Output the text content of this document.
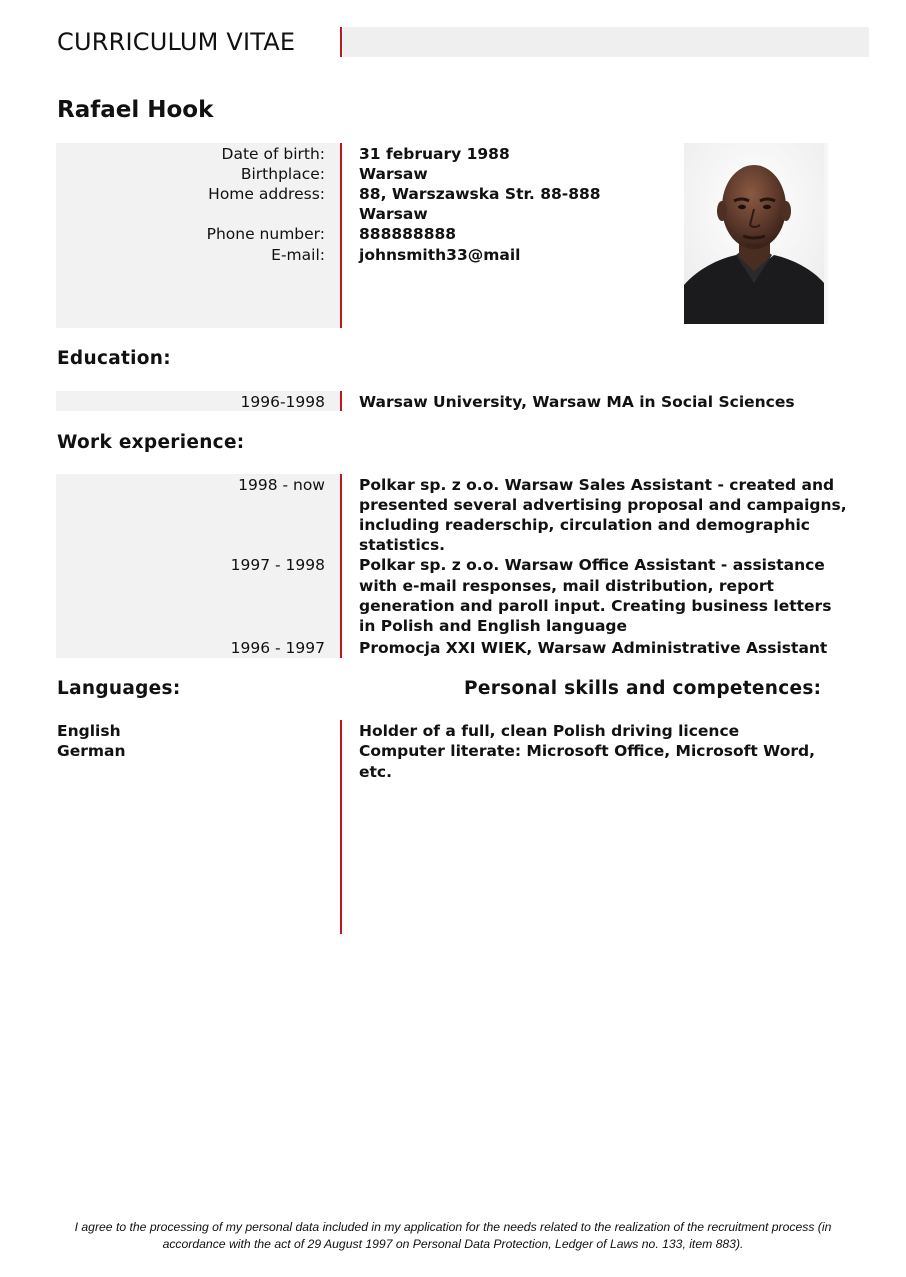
CURRICULUM VITAE
Rafael Hook
Date of birth:
Birthplace:
Home address:
Phone number:
E-mail:
31 february 1988
Warsaw
88, Warszawska Str. 88-888
Warsaw
888888888
johnsmith33@mail
Education:
1996-1998 Warsaw University, Warsaw MA in Social Sciences
Work experience:
1998 - now Polkar sp. z o.o. Warsaw Sales Assistant - created and
presented several advertising proposal and campaigns,
including readerschip, circulation and demographic
statistics.
1997 - 1998 Polkar sp. z o.o. Warsaw Office Assistant - assistance
with e-mail responses, mail distribution, report
generation and paroll input. Creating business letters
in Polish and English language
1996 - 1997 Promocja XXI WIEK, Warsaw Administrative Assistant
Languages:	Personal skills and competences:
English
German
Holder of a full, clean Polish driving licence
Computer literate: Microsoft Office, Microsoft Word,
etc.
I agree to the processing of my personal data included in my application for the needs related to the realization of the recruitment process (in
accordance with the act of 29 August 1997 on Personal Data Protection, Ledger of Laws no. 133, item 883).
